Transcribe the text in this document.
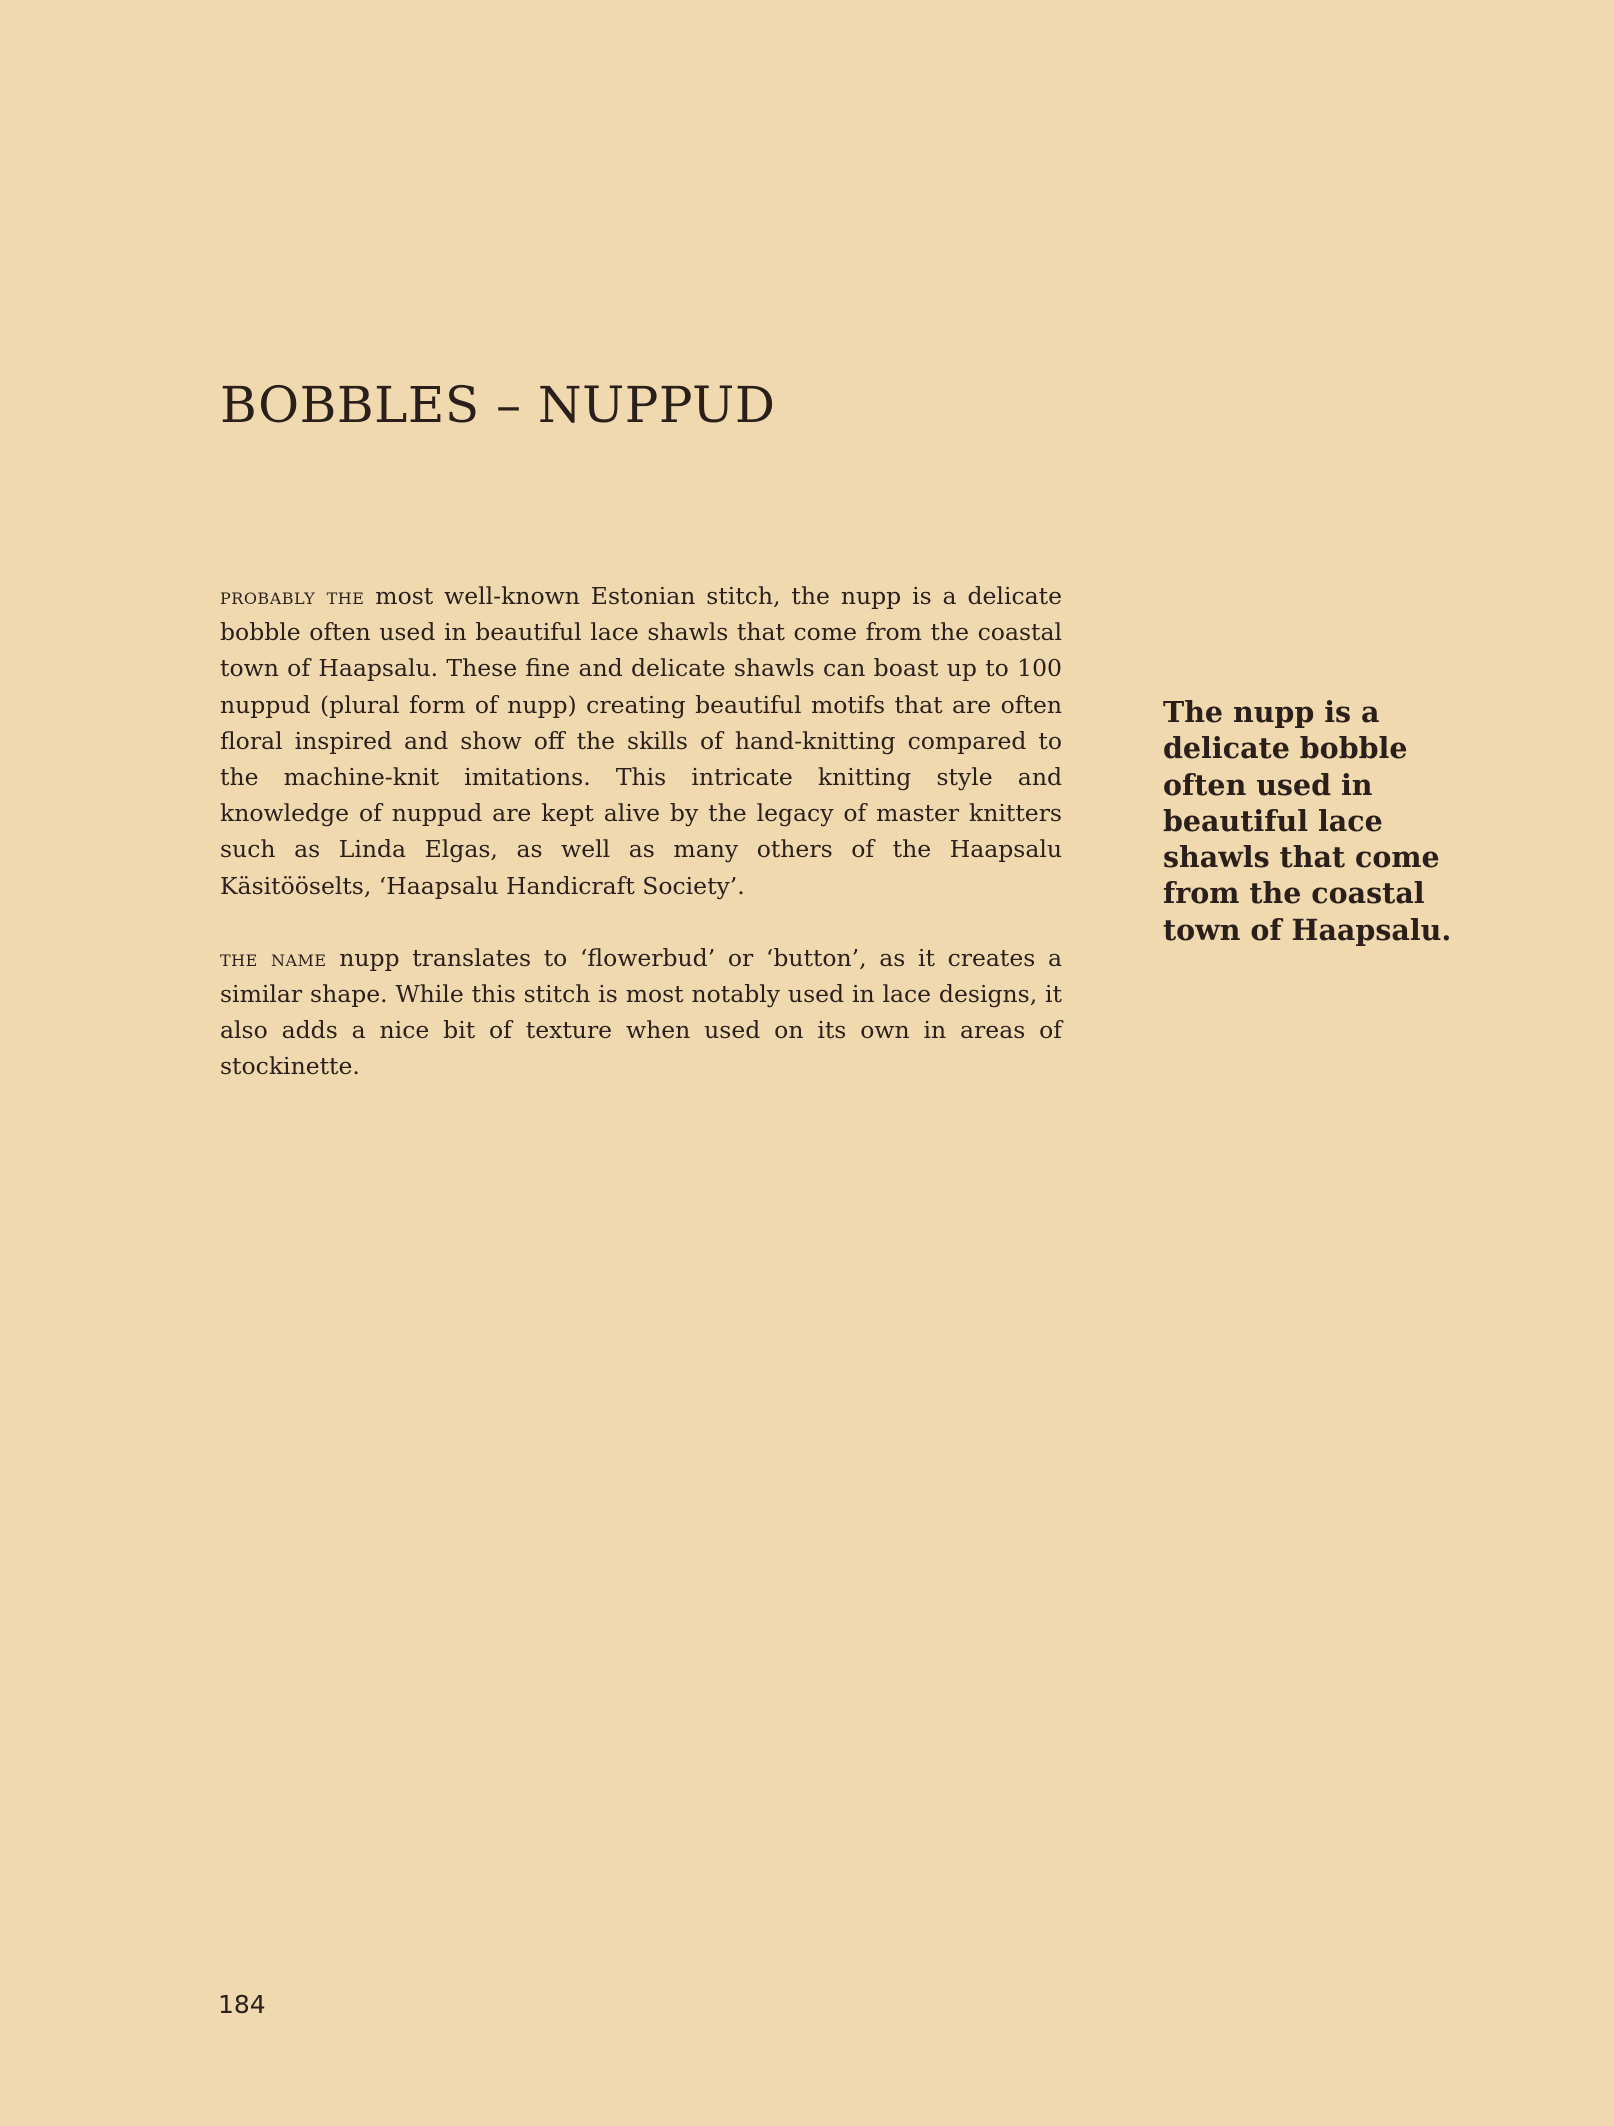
BOBBLES – NUPPUD

probably the most well-known Estonian stitch, the nupp is a delicate bobble often used in beautiful lace shawls that come from the coastal town of Haapsalu. These fine and delicate shawls can boast up to 100 nuppud (plural form of nupp) creating beautiful motifs that are often floral inspired and show off the skills of hand-knitting compared to the machine-knit imitations. This intricate knitting style and knowledge of nuppud are kept alive by the legacy of master knitters such as Linda Elgas, as well as many others of the Haapsalu Käsitööselts, ‘Haapsalu Handicraft Society’.

the name nupp translates to ‘flowerbud’ or ‘button’, as it creates a similar shape. While this stitch is most notably used in lace designs, it also adds a nice bit of texture when used on its own in areas of stockinette.

The nupp is a delicate bobble often used in beautiful lace shawls that come from the coastal town of Haapsalu.

184
